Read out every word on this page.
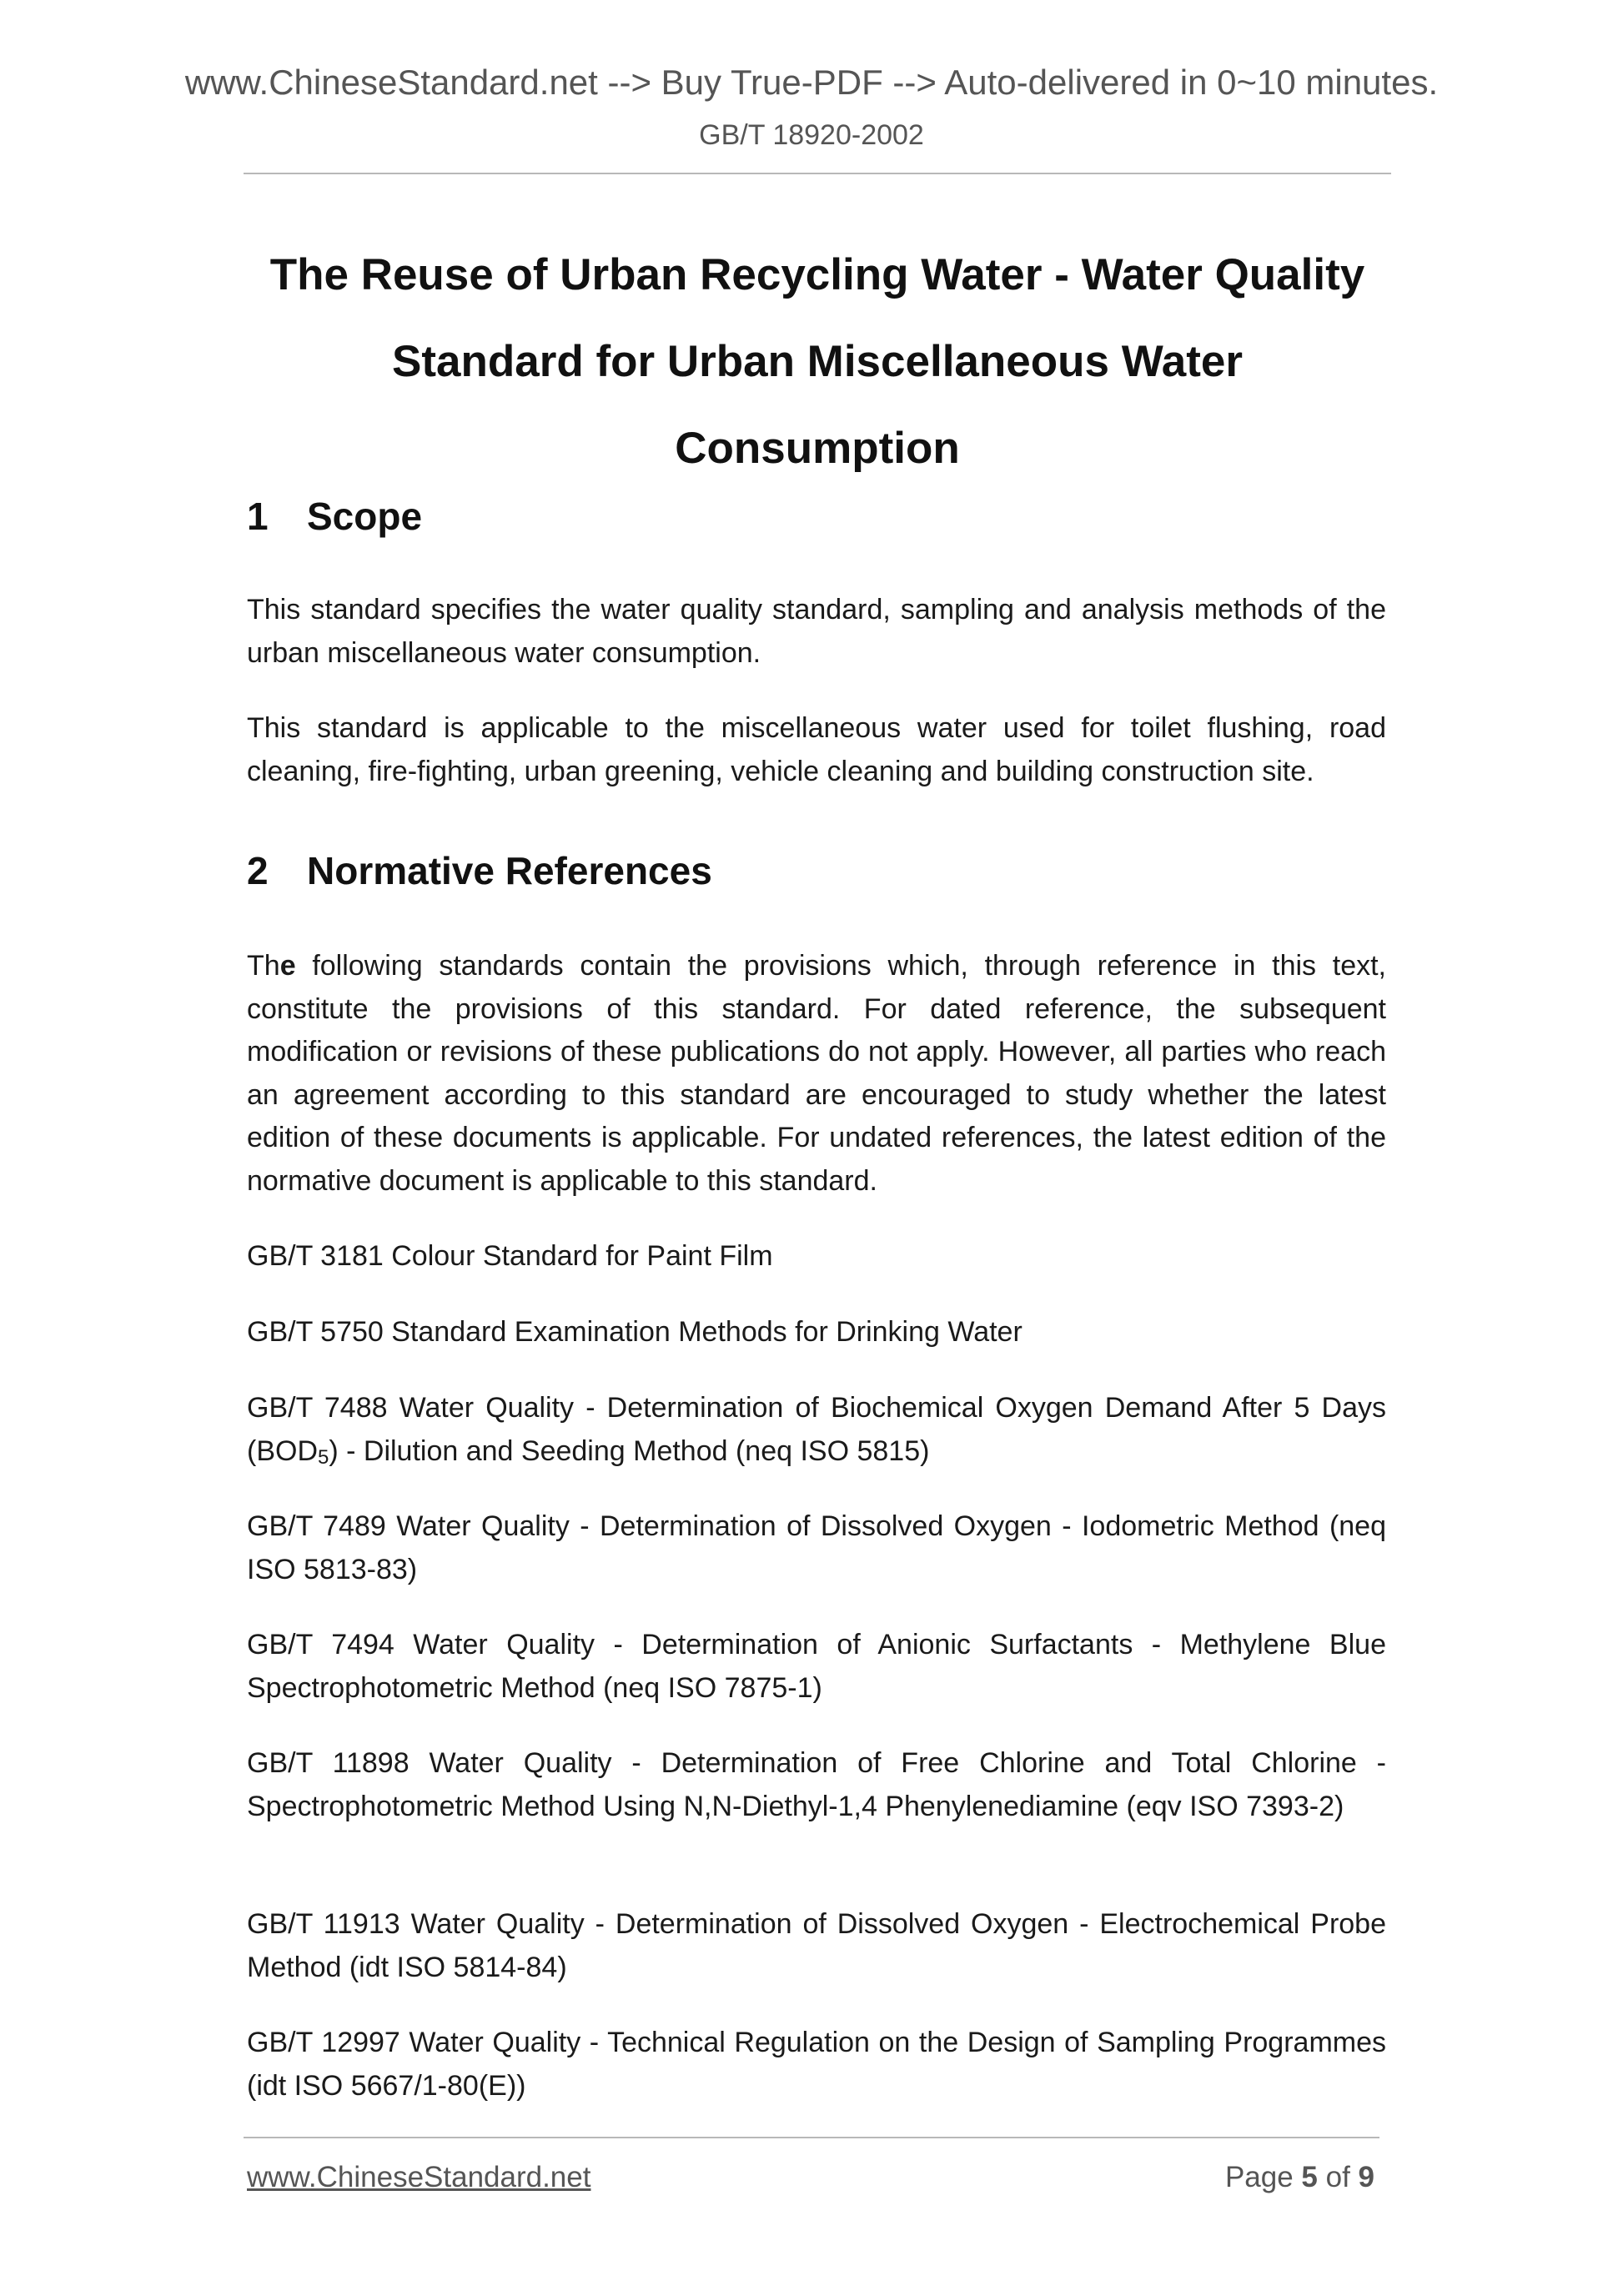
www.ChineseStandard.net --> Buy True-PDF --> Auto-delivered in 0~10 minutes.
GB/T 18920-2002
The Reuse of Urban Recycling Water - Water Quality
Standard for Urban Miscellaneous Water Consumption
1 Scope
This standard specifies the water quality standard, sampling and analysis methods of the urban miscellaneous water consumption.
This standard is applicable to the miscellaneous water used for toilet flushing, road cleaning, fire-fighting, urban greening, vehicle cleaning and building construction site.
2 Normative References
The following standards contain the provisions which, through reference in this text, constitute the provisions of this standard. For dated reference, the subsequent modification or revisions of these publications do not apply. However, all parties who reach an agreement according to this standard are encouraged to study whether the latest edition of these documents is applicable. For undated references, the latest edition of the normative document is applicable to this standard.
GB/T 3181 Colour Standard for Paint Film
GB/T 5750 Standard Examination Methods for Drinking Water
GB/T 7488 Water Quality - Determination of Biochemical Oxygen Demand After 5 Days $(BOD_5)$ - Dilution and Seeding Method (neq ISO 5815)
GB/T 7489 Water Quality - Determination of Dissolved Oxygen - Iodometric Method (neq ISO 5813-83)
GB/T 7494 Water Quality - Determination of Anionic Surfactants - Methylene Blue Spectrophotometric Method (neq ISO 7875-1)
GB/T 11898 Water Quality - Determination of Free Chlorine and Total Chlorine - Spectrophotometric Method Using N,N-Diethyl-1,4 Phenylenediamine (eqv ISO 7393-2)
GB/T 11913 Water Quality - Determination of Dissolved Oxygen - Electrochemical Probe Method (idt ISO 5814-84)
GB/T 12997 Water Quality - Technical Regulation on the Design of Sampling Programmes (idt ISO 5667/1-80(E))
www.ChineseStandard.net	Page 5 of 9
